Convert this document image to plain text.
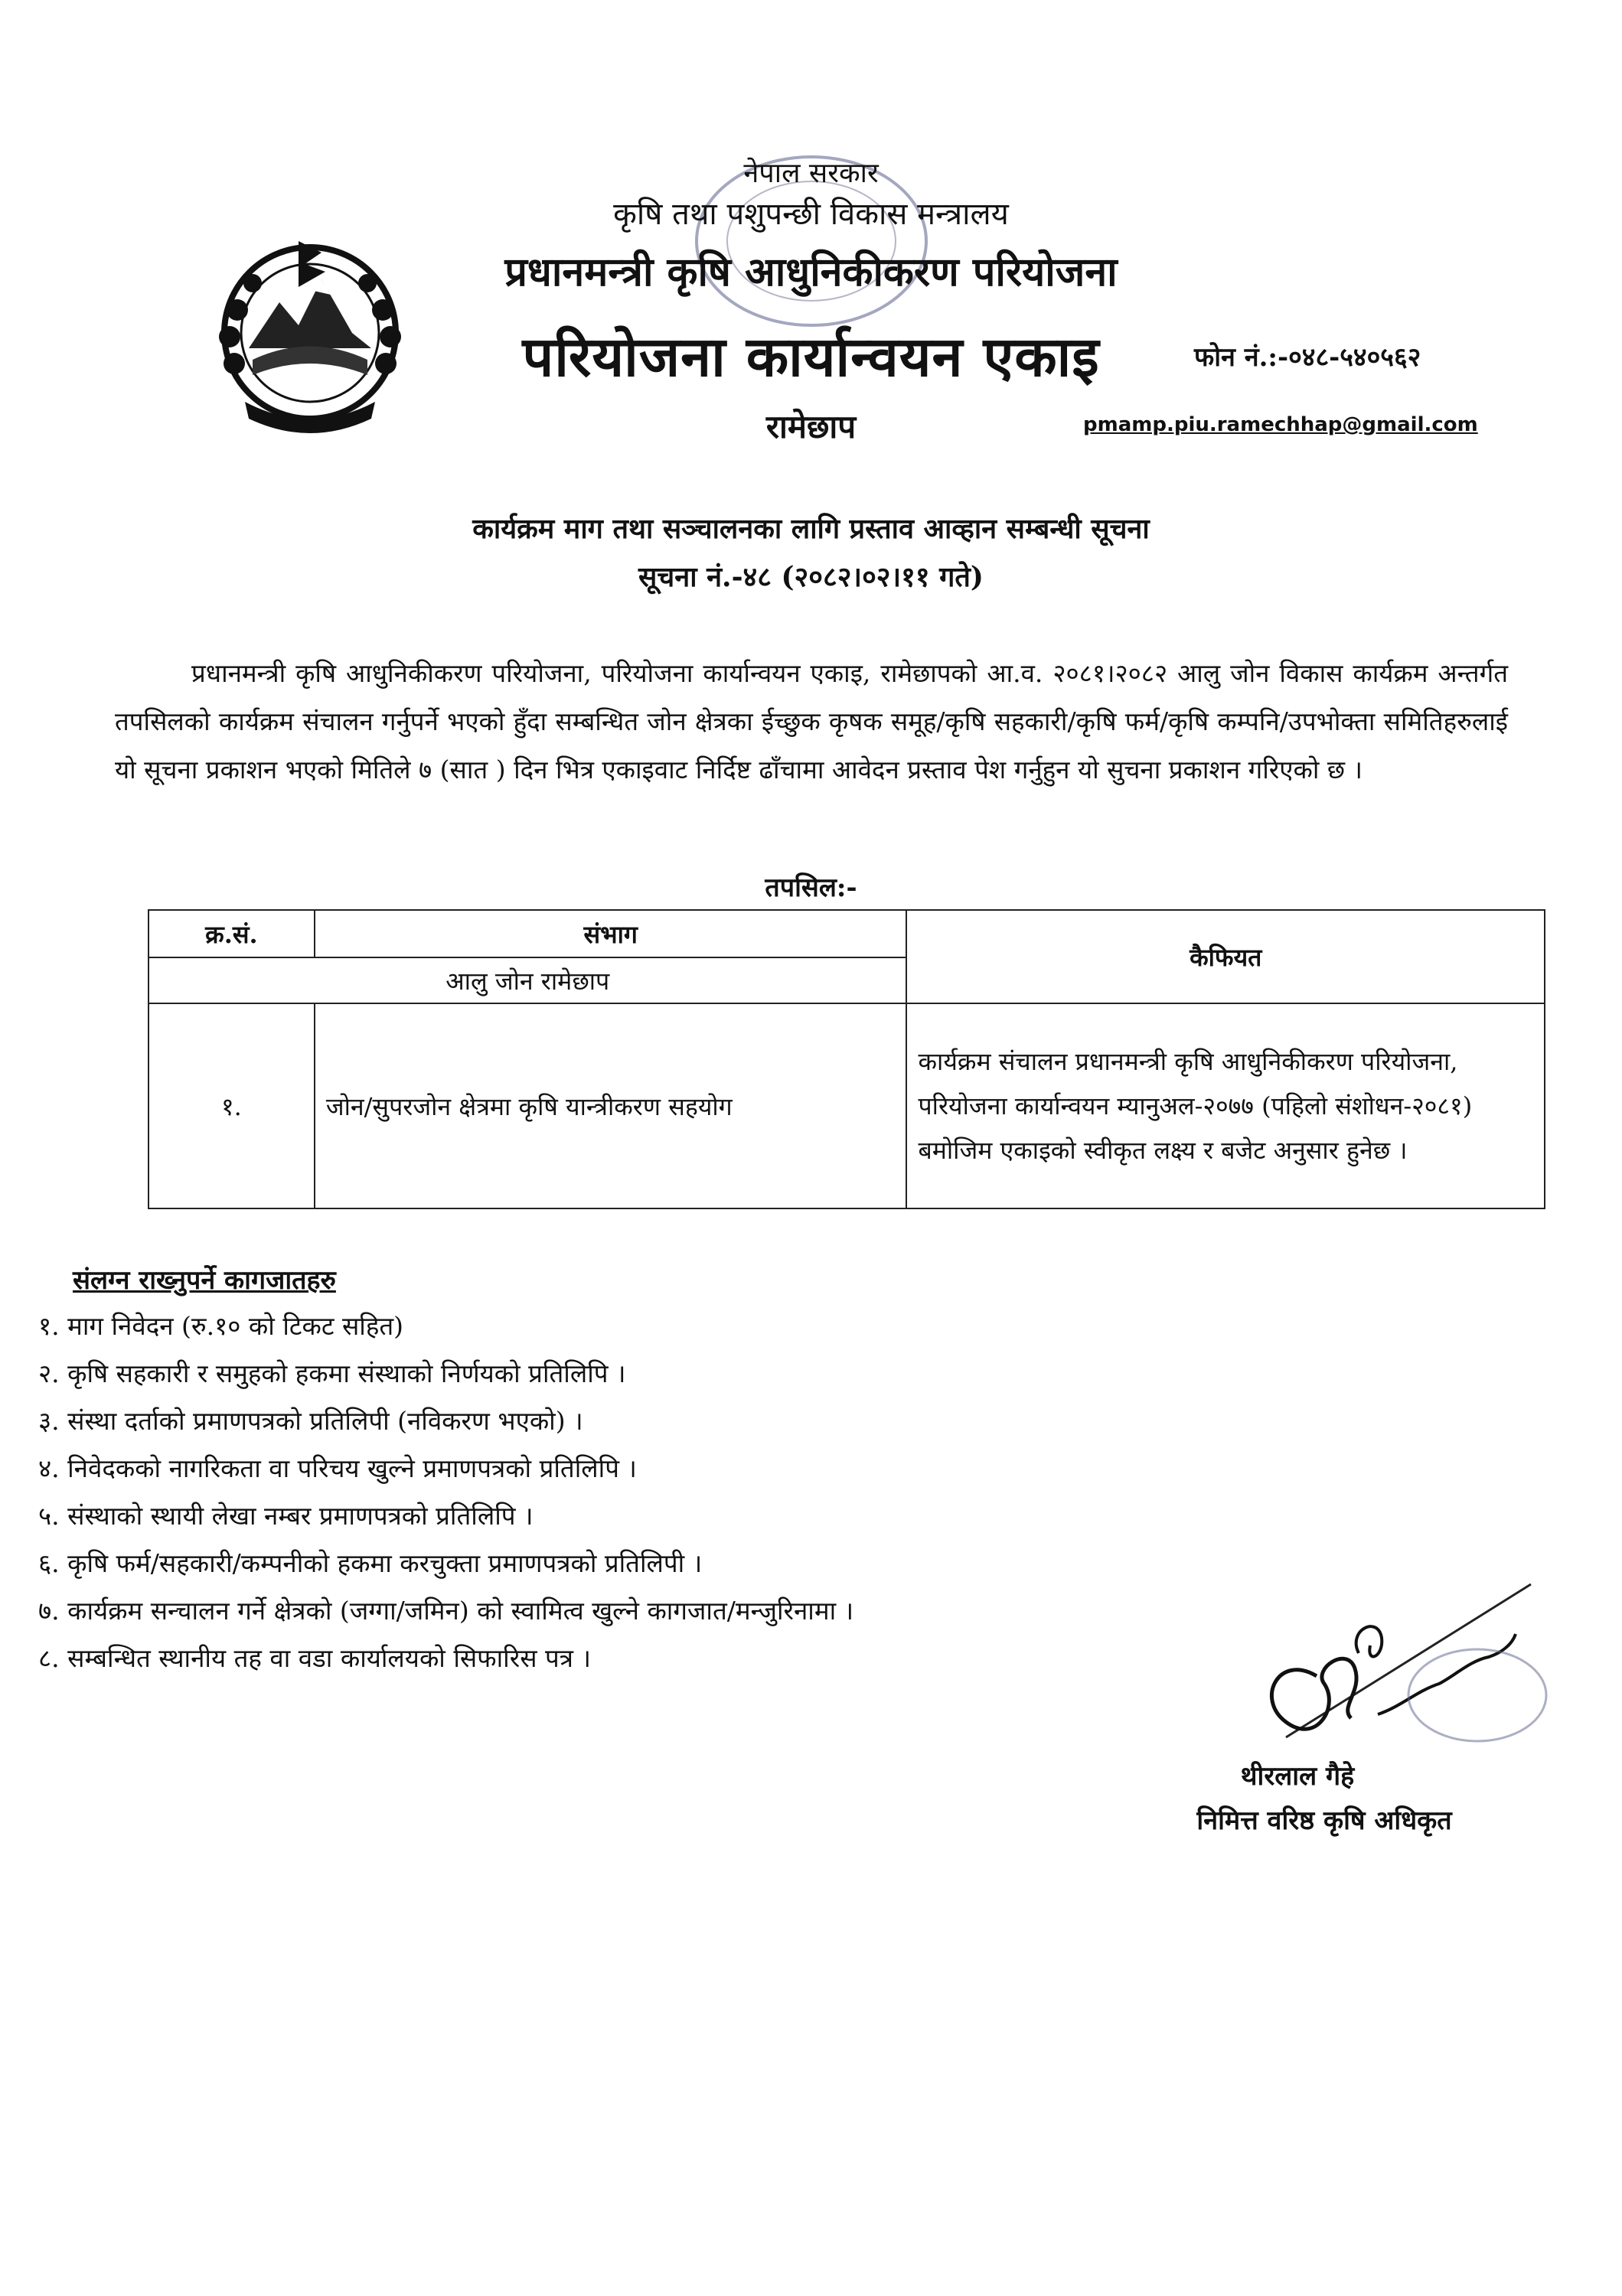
नेपाल सरकार
कृषि तथा पशुपन्छी विकास मन्त्रालय
प्रधानमन्त्री कृषि आधुनिकीकरण परियोजना
परियोजना कार्यान्वयन एकाइ
रामेछाप
फोन नं.:-०४८-५४०५६२
pmamp.piu.ramechhap@gmail.com
कार्यक्रम माग तथा सञ्चालनका लागि प्रस्ताव आव्हान सम्बन्धी सूचना
सूचना नं.-४८ (२०८२।०२।११ गते)

प्रधानमन्त्री कृषि आधुनिकीकरण परियोजना, परियोजना कार्यान्वयन एकाइ, रामेछापको आ.व. २०८१।२०८२ आलु जोन विकास कार्यक्रम अन्तर्गत तपसिलको कार्यक्रम संचालन गर्नुपर्ने भएको हुँदा सम्बन्धित जोन क्षेत्रका ईच्छुक कृषक समूह/कृषि सहकारी/कृषि फर्म/कृषि कम्पनि/उपभोक्ता समितिहरुलाई यो सूचना प्रकाशन भएको मितिले ७ (सात ) दिन भित्र एकाइवाट निर्दिष्ट ढाँचामा आवेदन प्रस्ताव पेश गर्नुहुन यो सुचना प्रकाशन गरिएको छ ।

तपसिल:-
क्र.सं.	संभाग	कैफियत
आलु जोन रामेछाप		
१.	जोन/सुपरजोन क्षेत्रमा कृषि यान्त्रीकरण सहयोग	कार्यक्रम संचालन प्रधानमन्त्री कृषि आधुनिकीकरण परियोजना, परियोजना कार्यान्वयन म्यानुअल-२०७७ (पहिलो संशोधन-२०८१) बमोजिम एकाइको स्वीकृत लक्ष्य र बजेट अनुसार हुनेछ ।
संलग्न राख्नुपर्ने कागजातहरु
१. माग निवेदन (रु.१० को टिकट सहित)
२. कृषि सहकारी र समुहको हकमा संस्थाको निर्णयको प्रतिलिपि ।
३. संस्था दर्ताको प्रमाणपत्रको प्रतिलिपी (नविकरण भएको) ।
४. निवेदकको नागरिकता वा परिचय खुल्ने प्रमाणपत्रको प्रतिलिपि ।
५. संस्थाको स्थायी लेखा नम्बर प्रमाणपत्रको प्रतिलिपि ।
६. कृषि फर्म/सहकारी/कम्पनीको हकमा करचुक्ता प्रमाणपत्रको प्रतिलिपी ।
७. कार्यक्रम सन्चालन गर्ने क्षेत्रको (जग्गा/जमिन) को स्वामित्व खुल्ने कागजात/मन्जुरिनामा ।
८. सम्बन्धित स्थानीय तह वा वडा कार्यालयको सिफारिस पत्र ।
थीरलाल गैहे
निमित्त वरिष्ठ कृषि अधिकृत
